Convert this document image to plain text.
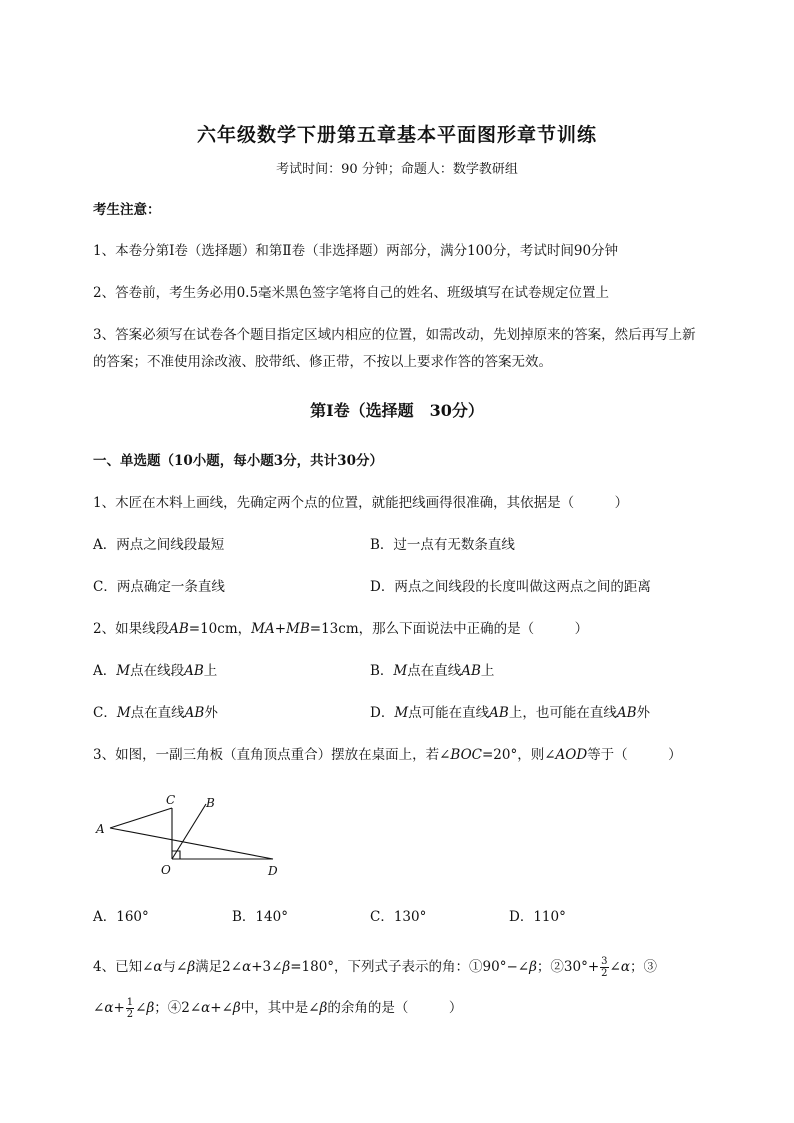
六年级数学下册第五章基本平面图形章节训练
考试时间：90 分钟；命题人：数学教研组
考生注意：
1、本卷分第Ⅰ卷（选择题）和第Ⅱ卷（非选择题）两部分，满分100分，考试时间90分钟
2、答卷前，考生务必用0.5毫米黑色签字笔将自己的姓名、班级填写在试卷规定位置上
3、答案必须写在试卷各个题目指定区域内相应的位置，如需改动，先划掉原来的答案，然后再写上新
的答案；不准使用涂改液、胶带纸、修正带，不按以上要求作答的答案无效。
第Ⅰ卷（选择题　30分）
一、单选题（10小题，每小题3分，共计30分）
1、木匠在木料上画线，先确定两个点的位置，就能把线画得很准确，其依据是（　　　）
A．两点之间线段最短	B．过一点有无数条直线
C．两点确定一条直线	D．两点之间线段的长度叫做这两点之间的距离
2、如果线段AB=10cm，MA+MB=13cm，那么下面说法中正确的是（　　　）
A．M点在线段AB上	B．M点在直线AB上
C．M点在直线AB外	D．M点可能在直线AB上，也可能在直线AB外
3、如图，一副三角板（直角顶点重合）摆放在桌面上，若∠BOC=20°，则∠AOD等于（　　　）
A
C	B
O	D
A．160°	B．140°	C．130°	D．110°
4、已知∠α与∠β满足2∠α+3∠β=180°，下列式子表示的角：①90°−∠β；②30°+ $\frac{3}{2}$ ∠α；③
∠α+ $\frac{1}{2}$ ∠β；④2∠α+∠β中，其中是∠β的余角的是（　　　）
